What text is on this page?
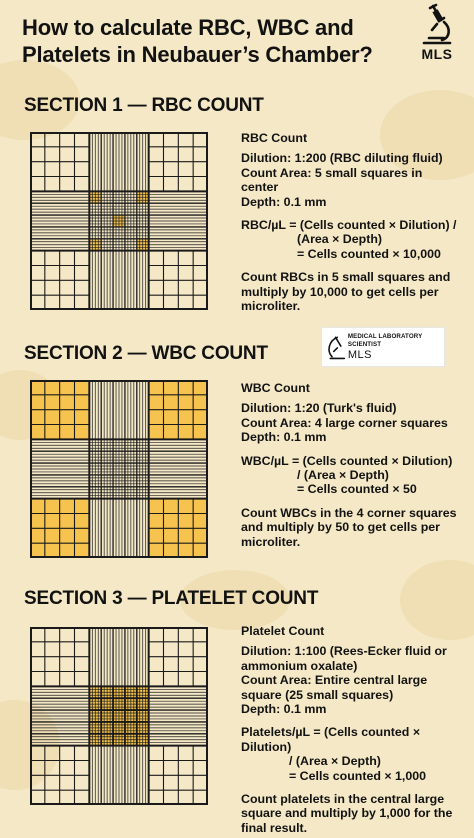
How to calculate RBC, WBC and
Platelets in Neubauer’s Chamber?	MLS
SECTION 1 — RBC COUNT
RBC Count
Dilution: 1:200 (RBC diluting fluid)
Count Area: 5 small squares in
center
Depth: 0.1 mm
RBC/µL = (Cells counted × Dilution) /
(Area × Depth)
= Cells counted × 10,000
Count RBCs in 5 small squares and
multiply by 10,000 to get cells per
microliter.
MEDICAL LABORATORY SCIENTIST
MLS
SECTION 2 — WBC COUNT
WBC Count
Dilution: 1:20 (Turk's fluid)
Count Area: 4 large corner squares
Depth: 0.1 mm
WBC/µL = (Cells counted × Dilution)
/ (Area × Depth)
= Cells counted × 50
Count WBCs in the 4 corner squares
and multiply by 50 to get cells per
microliter.
SECTION 3 — PLATELET COUNT
Platelet Count
Dilution: 1:100 (Rees-Ecker fluid or
ammonium oxalate)
Count Area: Entire central large
square (25 small squares)
Depth: 0.1 mm
Platelets/µL = (Cells counted × Dilution)
/ (Area × Depth)
= Cells counted × 1,000
Count platelets in the central large
square and multiply by 1,000 for the
final result.
